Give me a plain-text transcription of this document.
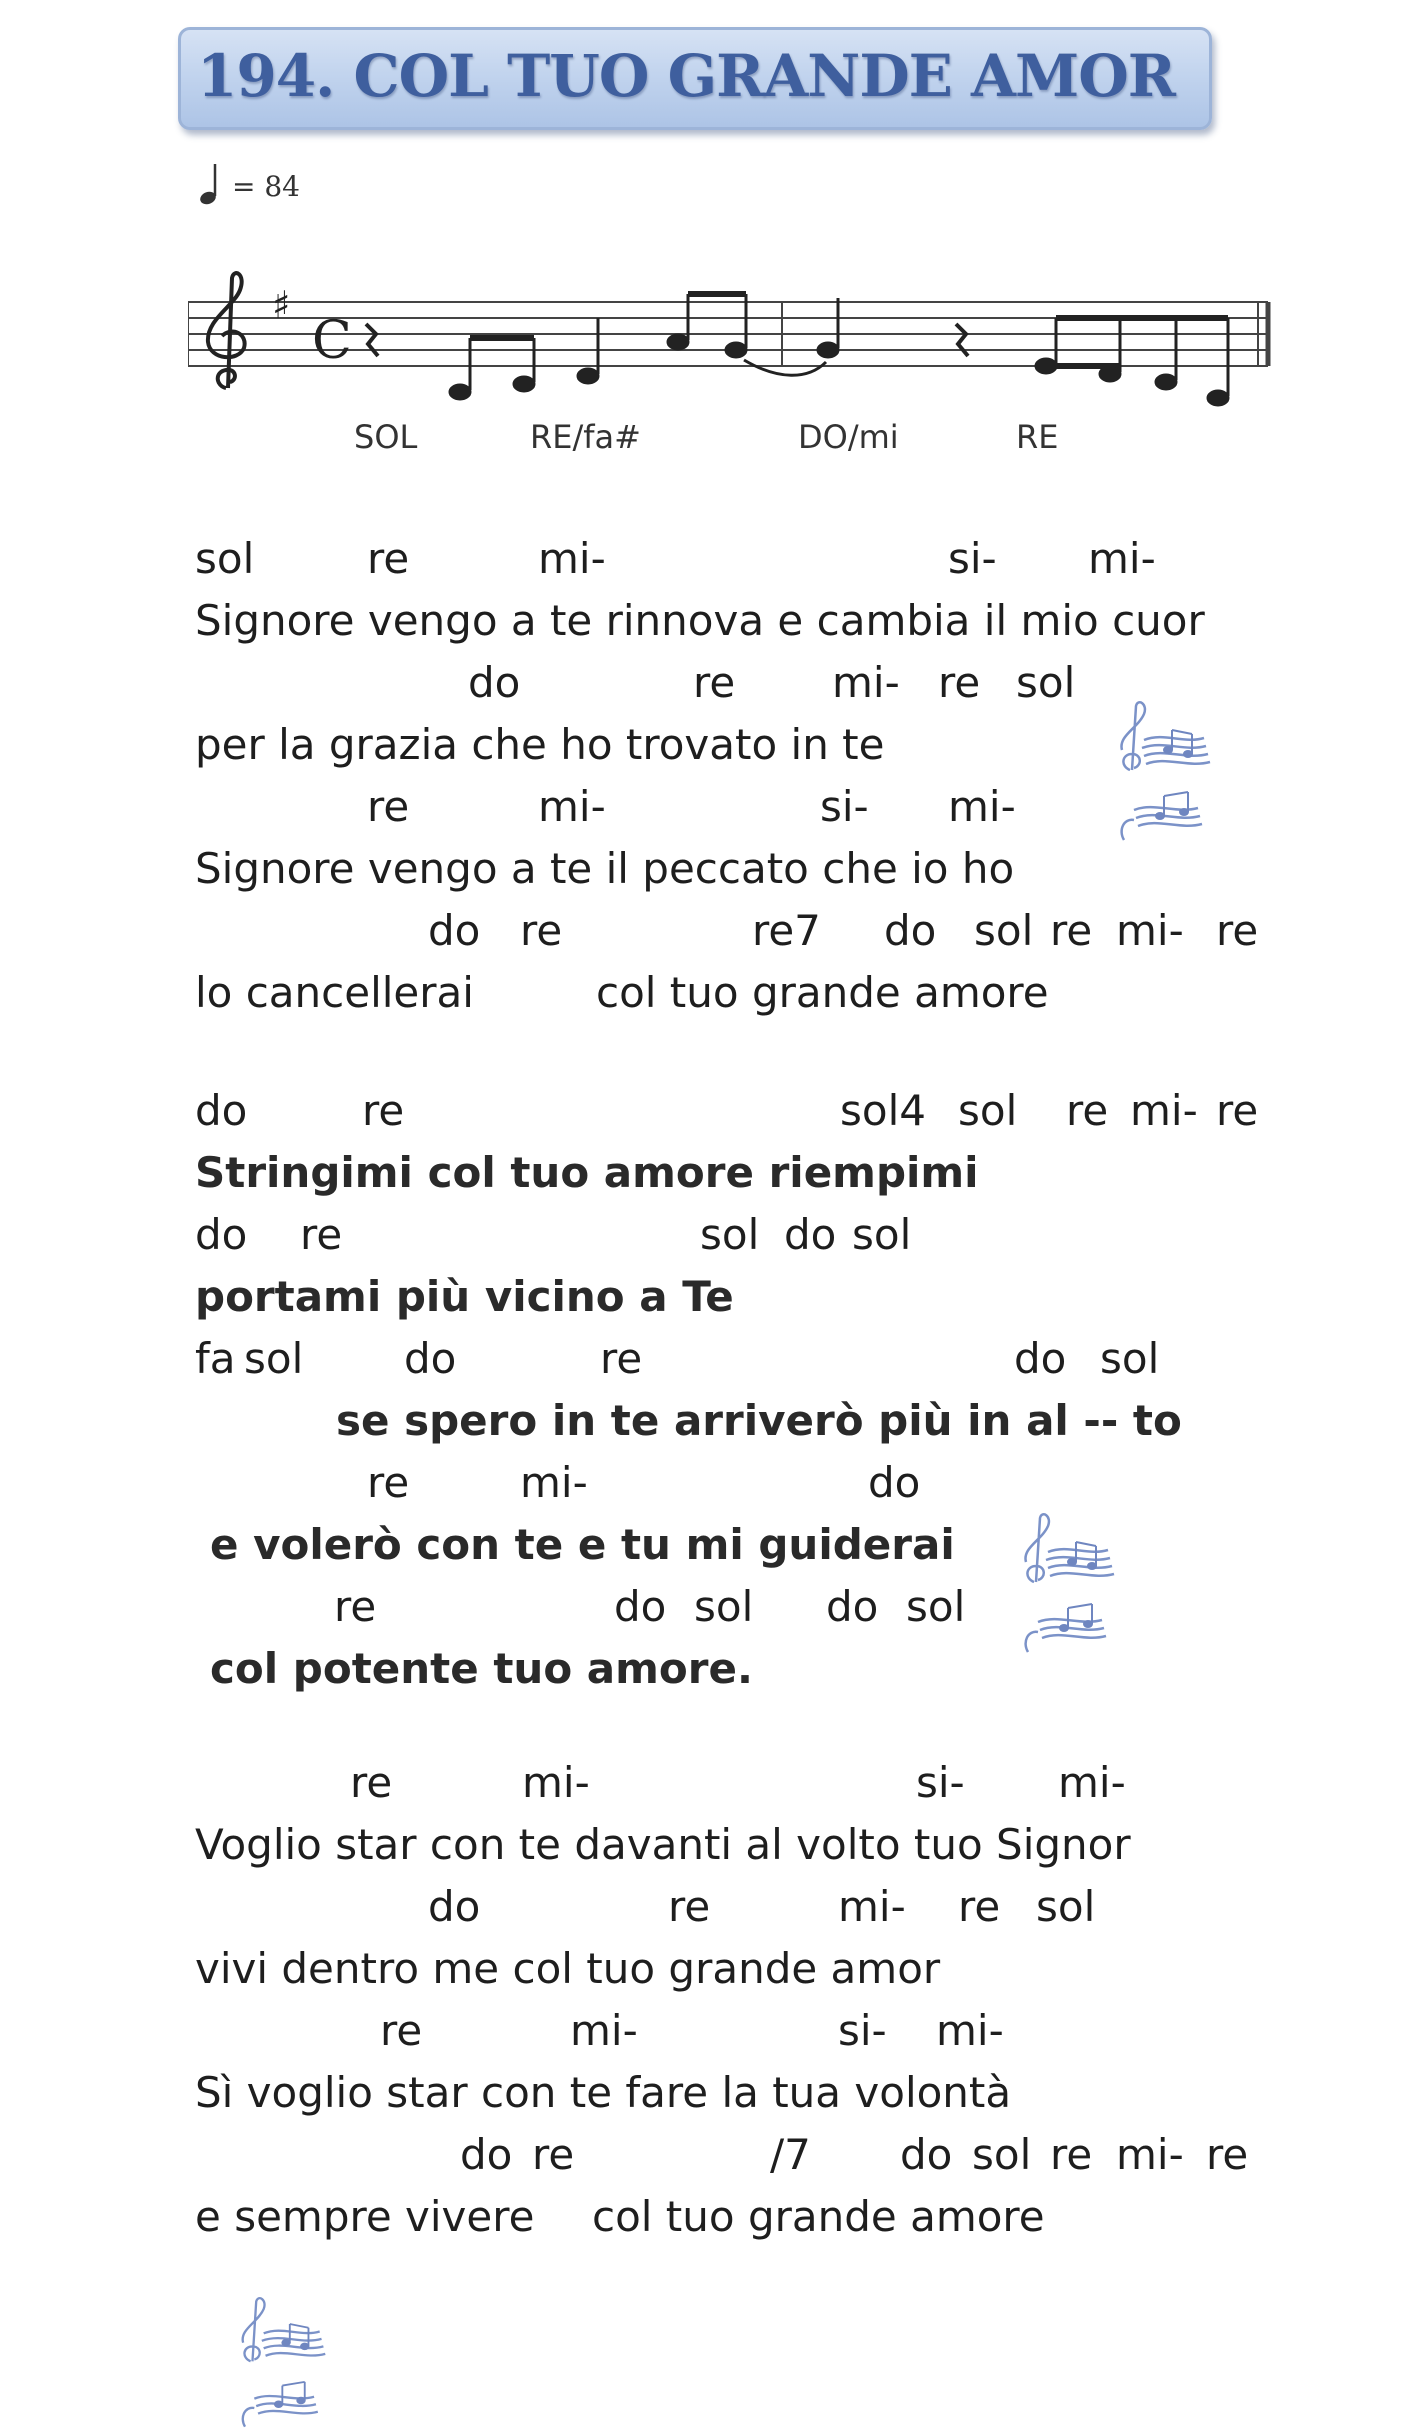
194. COL TUO GRANDE AMOR
= 84
♯
C
SOL	RE/fa#	DO/mi	RE
sol	re	mi-	si- mi-
Signore vengo a te rinnova e cambia il mio cuor
do	re mi- re sol
per la grazia che ho trovato in te
re	mi-	si- mi-
Signore vengo a te il peccato che io ho
do re	re7 do sol re mi- re
lo cancellerai	col tuo grande amore
do	re	sol4 sol re mi- re
Stringimi col tuo amore riempimi
do re	sol do sol
portami più vicino a Te
fa sol do	re	do sol
se spero in te arriverò più in al -- to
re	mi-	do
e volerò con te e tu mi guiderai
re	do sol do sol
col potente tuo amore.
re	mi-	si- mi-
Voglio star con te davanti al volto tuo Signor
do	re	mi- re sol
vivi dentro me col tuo grande amor
re	mi-	si- mi-
Sì voglio star con te fare la tua volontà
do re	/7 do sol re mi- re
e sempre vivere col tuo grande amore
